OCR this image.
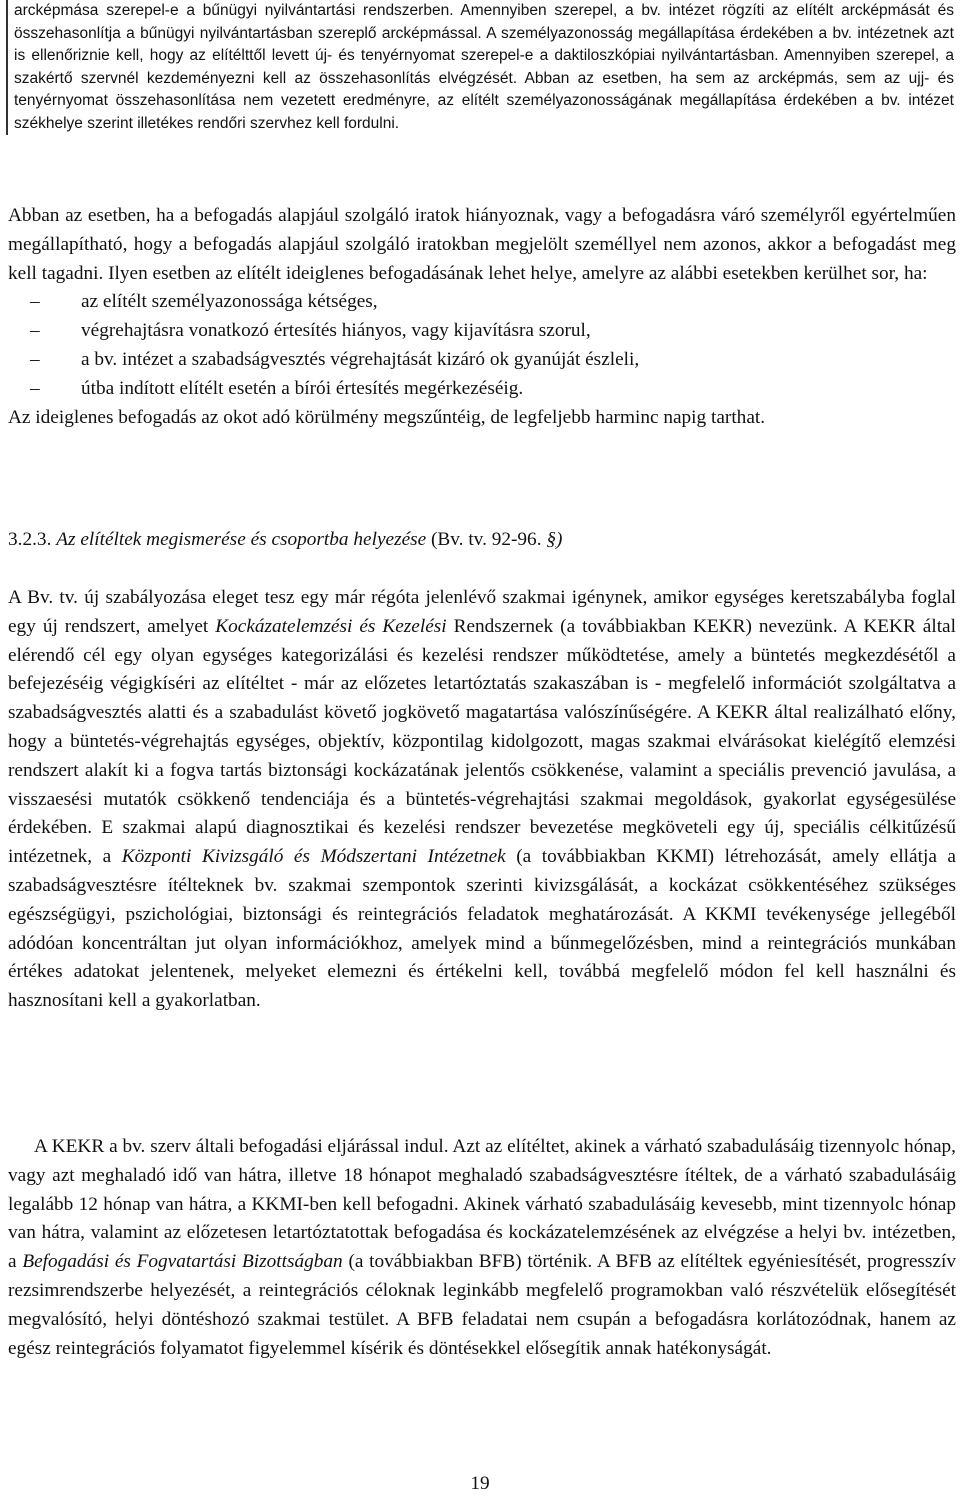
arcképmása szerepel-e a bűnügyi nyilvántartási rendszerben. Amennyiben szerepel, a bv. intézet rögzíti az elítélt arcképmását és összehasonlítja a bűnügyi nyilvántartásban szereplő arcképmással. A személyazonosság megállapítása érdekében a bv. intézetnek azt is ellenőriznie kell, hogy az elítélttől levett új- és tenyérnyomat szerepel-e a daktiloszkópiai nyilvántartásban. Amennyiben szerepel, a szakértő szervnél kezdeményezni kell az összehasonlítás elvégzését. Abban az esetben, ha sem az arcképmás, sem az ujj- és tenyérnyomat összehasonlítása nem vezetett eredményre, az elítélt személyazonosságának megállapítása érdekében a bv. intézet székhelye szerint illetékes rendőri szervhez kell fordulni.

Abban az esetben, ha a befogadás alapjául szolgáló iratok hiányoznak, vagy a befogadásra váró személyről egyértelműen megállapítható, hogy a befogadás alapjául szolgáló iratokban megjelölt személlyel nem azonos, akkor a befogadást meg kell tagadni. Ilyen esetben az elítélt ideiglenes befogadásának lehet helye, amelyre az alábbi esetekben kerülhet sor, ha:

– az elítélt személyazonossága kétséges,
– végrehajtásra vonatkozó értesítés hiányos, vagy kijavításra szorul,
– a bv. intézet a szabadságvesztés végrehajtását kizáró ok gyanúját észleli,
– útba indított elítélt esetén a bírói értesítés megérkezéséig.

Az ideiglenes befogadás az okot adó körülmény megszűntéig, de legfeljebb harminc napig tarthat.

3.2.3. Az elítéltek megismerése és csoportba helyezése (Bv. tv. 92-96. §)

A Bv. tv. új szabályozása eleget tesz egy már régóta jelenlévő szakmai igénynek, amikor egységes keretszabályba foglal egy új rendszert, amelyet Kockázatelemzési és Kezelési Rendszernek (a továbbiakban KEKR) nevezünk. A KEKR által elérendő cél egy olyan egységes kategorizálási és kezelési rendszer működtetése, amely a büntetés megkezdésétől a befejezéséig végigkíséri az elítéltet - már az előzetes letartóztatás szakaszában is - megfelelő információt szolgáltatva a szabadságvesztés alatti és a szabadulást követő jogkövető magatartása valószínűségére. A KEKR által realizálható előny, hogy a büntetés-végrehajtás egységes, objektív, központilag kidolgozott, magas szakmai elvárásokat kielégítő elemzési rendszert alakít ki a fogva tartás biztonsági kockázatának jelentős csökkenése, valamint a speciális prevenció javulása, a visszaesési mutatók csökkenő tendenciája és a büntetés-végrehajtási szakmai megoldások, gyakorlat egységesülése érdekében. E szakmai alapú diagnosztikai és kezelési rendszer bevezetése megköveteli egy új, speciális célkitűzésű intézetnek, a Központi Kivizsgáló és Módszertani Intézetnek (a továbbiakban KKMI) létrehozását, amely ellátja a szabadságvesztésre ítélteknek bv. szakmai szempontok szerinti kivizsgálását, a kockázat csökkentéséhez szükséges egészségügyi, pszichológiai, biztonsági és reintegrációs feladatok meghatározását. A KKMI tevékenysége jellegéből adódóan koncentráltan jut olyan információkhoz, amelyek mind a bűnmegelőzésben, mind a reintegrációs munkában értékes adatokat jelentenek, melyeket elemezni és értékelni kell, továbbá megfelelő módon fel kell használni és hasznosítani kell a gyakorlatban.

A KEKR a bv. szerv általi befogadási eljárással indul. Azt az elítéltet, akinek a várható szabadulásáig tizennyolc hónap, vagy azt meghaladó idő van hátra, illetve 18 hónapot meghaladó szabadságvesztésre ítéltek, de a várható szabadulásáig legalább 12 hónap van hátra, a KKMI-ben kell befogadni. Akinek várható szabadulásáig kevesebb, mint tizennyolc hónap van hátra, valamint az előzetesen letartóztatottak befogadása és kockázatelemzésének az elvégzése a helyi bv. intézetben, a Befogadási és Fogvatartási Bizottságban (a továbbiakban BFB) történik. A BFB az elítéltek egyéniesítését, progresszív rezsimrendszerbe helyezését, a reintegrációs céloknak leginkább megfelelő programokban való részvételük elősegítését megvalósító, helyi döntéshozó szakmai testület. A BFB feladatai nem csupán a befogadásra korlátozódnak, hanem az egész reintegrációs folyamatot figyelemmel kísérik és döntésekkel elősegítik annak hatékonyságát.

19
